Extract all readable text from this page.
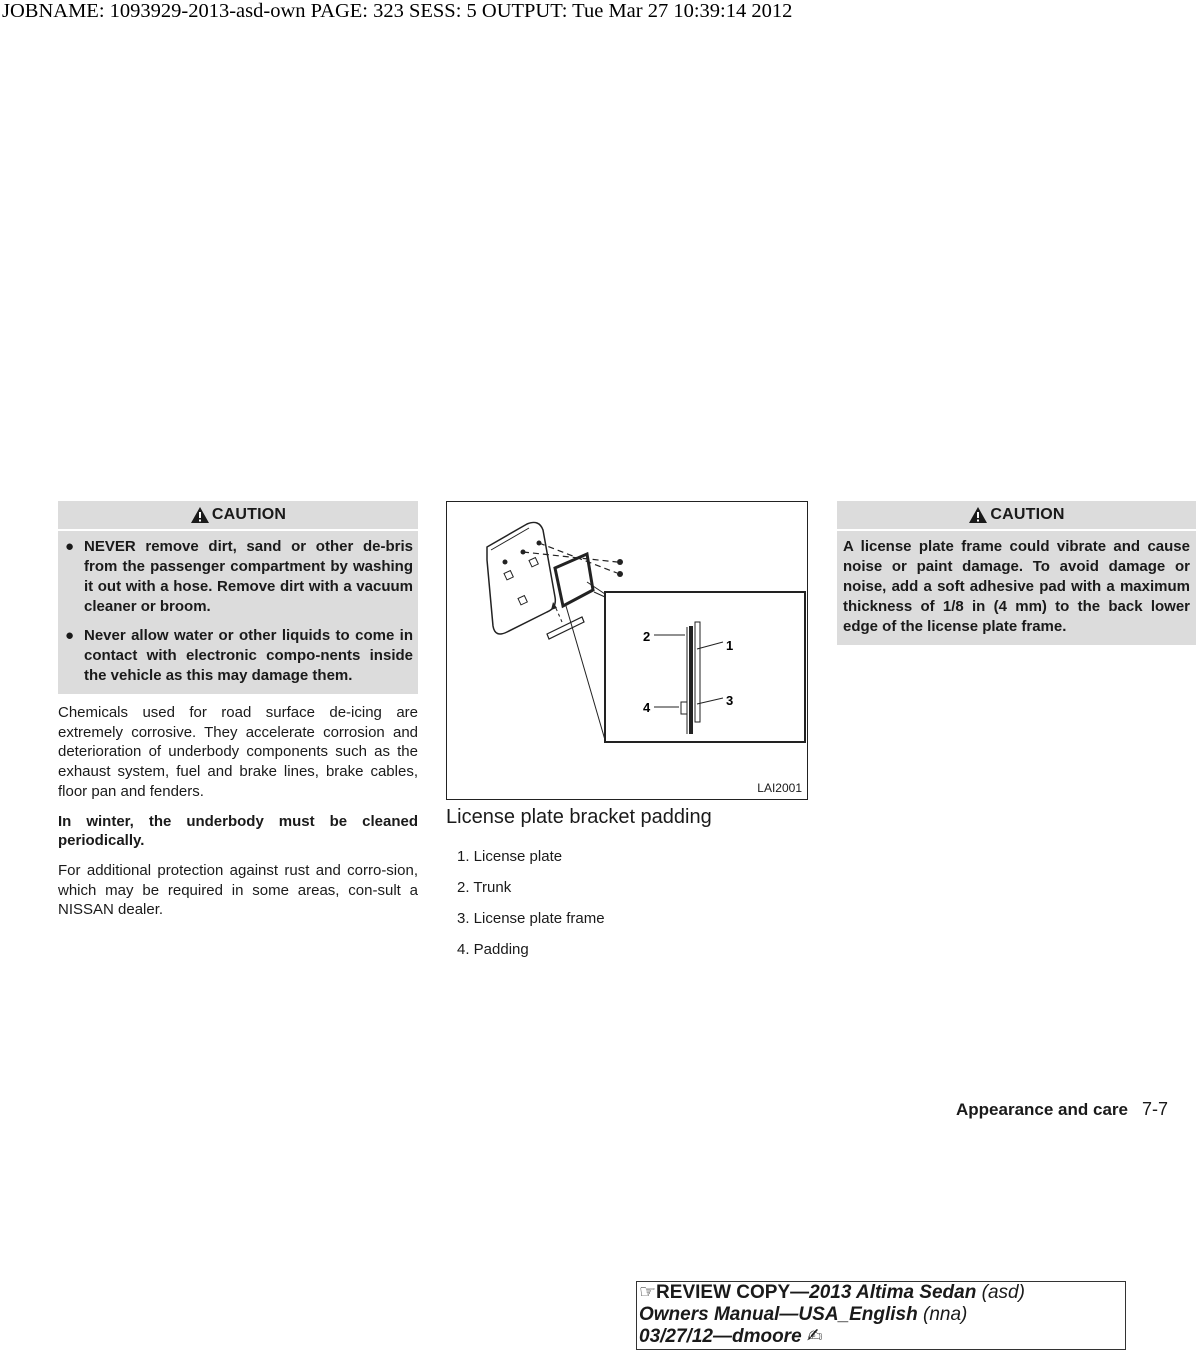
JOBNAME: 1093929-2013-asd-own PAGE: 323 SESS: 5 OUTPUT: Tue Mar 27 10:39:14 2012
CAUTION
● NEVER remove dirt, sand or other de-bris from the passenger compartment by washing it out with a hose. Remove dirt with a vacuum cleaner or broom.
● Never allow water or other liquids to come in contact with electronic compo-nents inside the vehicle as this may damage them.

Chemicals used for road surface de-icing are extremely corrosive. They accelerate corrosion and deterioration of underbody components such as the exhaust system, fuel and brake lines, brake cables, floor pan and fenders.

In winter, the underbody must be cleaned periodically.

For additional protection against rust and corro-sion, which may be required in some areas, con-sult a NISSAN dealer.

1
2
3
4
LAI2001
License plate bracket padding
1. License plate
2. Trunk
3. License plate frame
4. Padding
CAUTION
A license plate frame could vibrate and cause noise or paint damage. To avoid damage or noise, add a soft adhesive pad with a maximum thickness of 1/8 in (4 mm) to the back lower edge of the license plate frame.
Appearance and care 7-7
☞REVIEW COPY—2013 Altima Sedan (asd)
Owners Manual—USA_English (nna)
03/27/12—dmoore ✍
